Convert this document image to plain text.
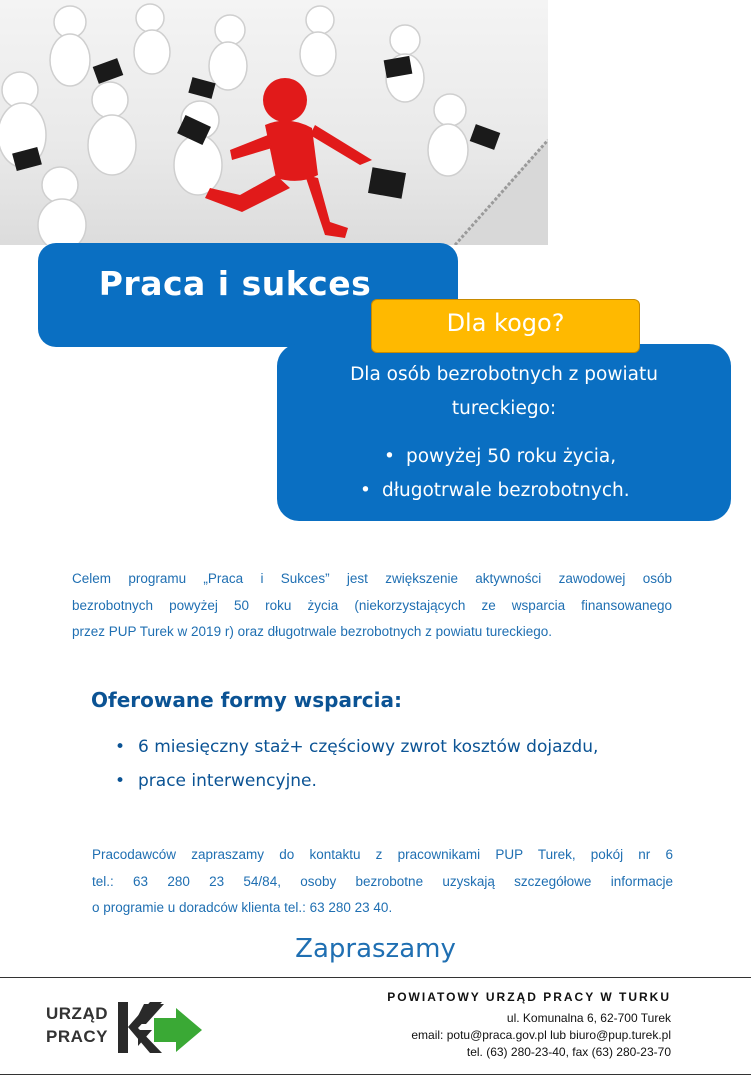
Praca i sukces
Dla kogo?
Dla osób bezrobotnych z powiatu
tureckiego:
• powyżej 50 roku życia,
• długotrwale bezrobotnych.
Celem programu „Praca i Sukces” jest zwiększenie aktywności zawodowej osób
bezrobotnych powyżej 50 roku życia (niekorzystających ze wsparcia finansowanego
przez PUP Turek w 2019 r) oraz długotrwale bezrobotnych z powiatu tureckiego.
Oferowane formy wsparcia:
• 6 miesięczny staż+ częściowy zwrot kosztów dojazdu,
• prace interwencyjne.
Pracodawców zapraszamy do kontaktu z pracownikami PUP Turek, pokój nr 6
tel.: 63 280 23 54/84, osoby bezrobotne uzyskają szczegółowe informacje
o programie u doradców klienta tel.: 63 280 23 40.
Zapraszamy
URZĄD
PRACY
POWIATOWY URZĄD PRACY W TURKU
ul. Komunalna 6, 62-700 Turek
email: potu@praca.gov.pl lub biuro@pup.turek.pl
tel. (63) 280-23-40, fax (63) 280-23-70
